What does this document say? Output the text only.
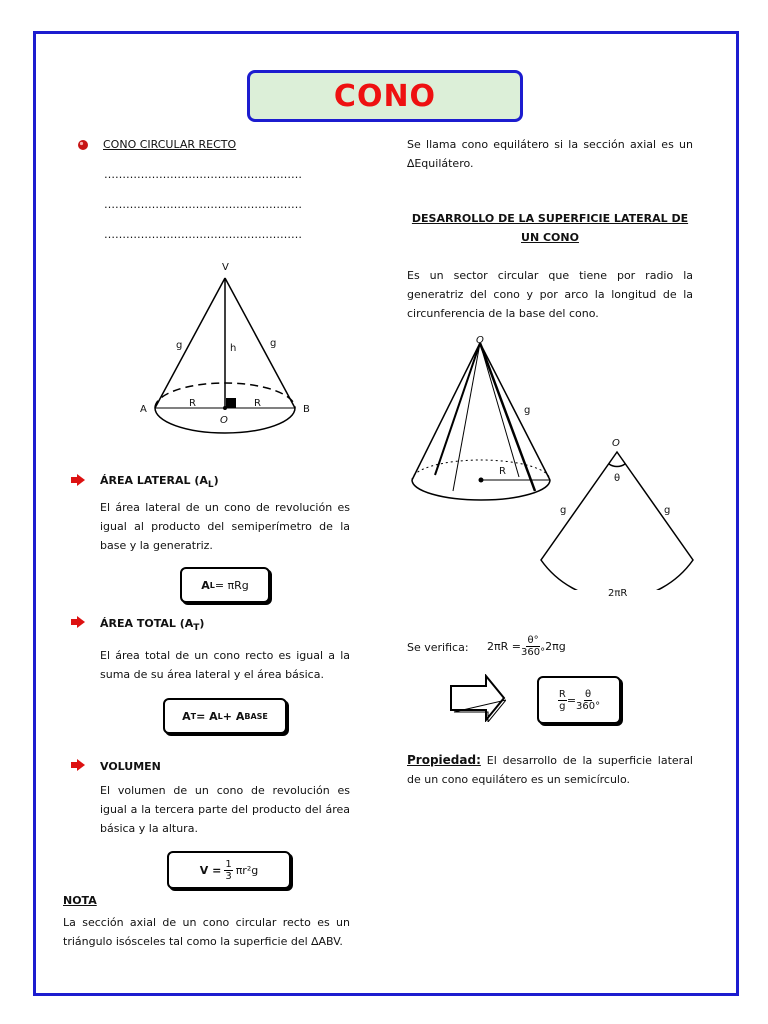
CONO
CONO CIRCULAR RECTO
………………………………………………
………………………………………………
………………………………………………
V
g	g
h
R	R
A	B
O
ÁREA LATERAL $(A_L)$
El área lateral de un cono de revolución es igual al producto del semiperímetro de la base y la generatriz.
A L = πRg
ÁREA TOTAL $(A_T)$
El área total de un cono recto es igual a la suma de su área lateral y el área básica.
A T = A L + A BASE
VOLUMEN
El volumen de un cono de revolución es igual a la tercera parte del producto del área básica y la altura.
$V = \frac{1}{3} \pi r^2g$
NOTA
La sección axial de un cono circular recto es un triángulo isósceles tal como la superficie del ∆ABV.
Se llama cono equilátero si la sección axial es un ∆Equilátero.
DESARROLLO DE LA SUPERFICIE LATERAL DE
UN CONO
Es un sector circular que tiene por radio la generatriz del cono y por arco la longitud de la circunferencia de la base del cono.
O
g
R
O
θ
g	g
2πR
Se verifica: $2\pi R = \frac{\theta^\circ}{360^\circ} 2\pi g$
$\frac{R}{g} = \frac{\theta}{360^\circ}$
Propiedad: El desarrollo de la superficie lateral de un cono equilátero es un semicírculo.
